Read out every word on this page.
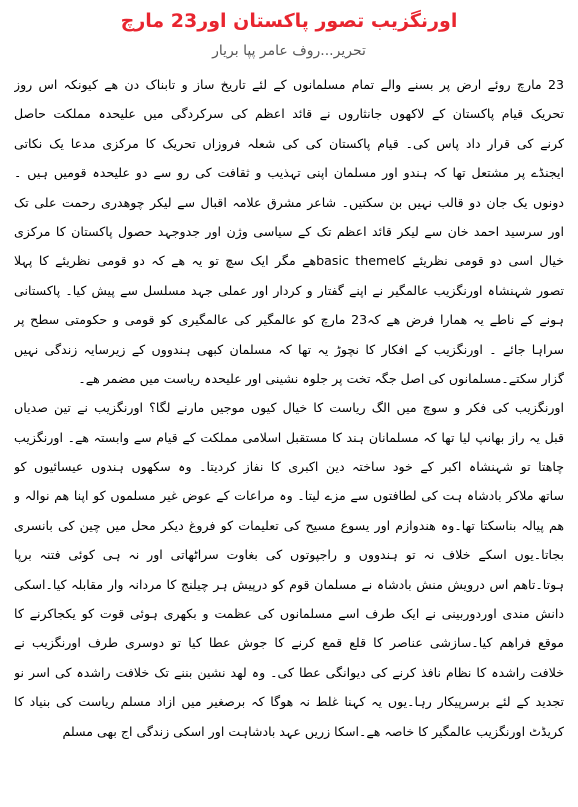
اورنگزیب تصور پاکستان اور23 مارچ
تحریر...روف عامر پپا بریار
23 مارچ روئے ارض پر بسنے والے تمام مسلمانوں کے لئے تاریخ ساز و تابناک دن ھے کیونکہ اس روز
تحریک قیام پاکستان کے لاکھوں جانثاروں نے قائد اعظم کی سرکردگی میں علیحدہ مملکت حاصل
کرنے کی قرار داد پاس کی۔ قیام پاکستان کی کی شعلہ فروزاں تحریک کا مرکزی مدعا یک نکاتی
ایجنڈے پر مشتعل تھا کہ ہندو اور مسلمان اپنی تہذیب و ثقافت کی رو سے دو علیحدہ قومیں ہیں ۔
دونوں یک جان دو قالب نہیں بن سکتیں۔ شاعر مشرق علامہ اقبال سے لیکر چوھدری رحمت علی تک
اور سرسید احمد خان سے لیکر قائد اعظم تک کے سیاسی وژن اور جدوجہد حصول پاکستان کا مرکزی
خیال اسی دو قومی نظریئے کاbasic themeھے مگر ایک سچ تو یہ ھے کہ دو قومی نظریئے کا پہلا
تصور شہنشاہ اورنگزیب عالمگیر نے اپنے گفتار و کردار اور عملی جہد مسلسل سے پیش کیا۔ پاکستانی
ہونے کے ناطے یہ ھمارا فرض ھے کہ23 مارچ کو عالمگیر کی عالمگیری کو قومی و حکومتی سطح پر
سراہا جائے ۔ اورنگزیب کے افکار کا نچوڑ یہ تھا کہ مسلمان کبھی ہندووں کے زیرسایہ زندگی نہیں
گزار سکتے۔مسلمانوں کی اصل جگہ تخت پر جلوہ نشینی اور علیحدہ ریاست میں مضمر ھے۔
اورنگزیب کی فکر و سوچ میں الگ ریاست کا خیال کیوں موجیں مارنے لگا؟ اورنگزیب نے تین صدیاں
قبل یہ راز بھانپ لیا تھا کہ مسلمانان ہند کا مستقبل اسلامی مملکت کے قیام سے وابستہ ھے۔ اورنگزیب
چاھتا تو شہنشاہ اکبر کے خود ساختہ دین اکبری کا نفاز کردیتا۔ وہ سکھوں ہندوں عیسائیوں کو
ساتھ ملاکر بادشاہ ہت کی لطافتوں سے مزے لیتا۔ وہ مراعات کے عوض غیر مسلموں کو اپنا ھم نوالہ و
ھم پیالہ بناسکتا تھا۔وہ ھندوازم اور یسوع مسیح کی تعلیمات کو فروغ دیکر محل میں چین کی بانسری
بجاتا۔یوں اسکے خلاف نہ تو ہندووں و راجپوتوں کی بغاوت سراٹھاتی اور نہ ہی کوئی فتنہ برپا
ہوتا۔تاھم اس درویش منش بادشاہ نے مسلمان قوم کو درپیش ہر چیلنج کا مردانہ وار مقابلہ کیا۔اسکی
دانش مندی اوردوربینی نے ایک طرف اسے مسلمانوں کی عظمت و بکھری ہوئی قوت کو یکجاکرنے کا
موقع فراھم کیا۔سازشی عناصر کا قلع قمع کرنے کا جوش عطا کیا تو دوسری طرف اورنگزیب نے
خلافت راشدہ کا نظام نافذ کرنے کی دیوانگی عطا کی۔ وہ لھد نشین بننے تک خلافت راشدہ کی اسر نو
تجدید کے لئے برسرپیکار رہا۔یوں یہ کہنا غلط نہ ھوگا کہ برصغیر میں ازاد مسلم ریاست کی بنیاد کا
کریڈٹ اورنگزیب عالمگیر کا خاصہ ھے۔اسکا زریں عہد بادشاہت اور اسکی زندگی اج بھی مسلم
